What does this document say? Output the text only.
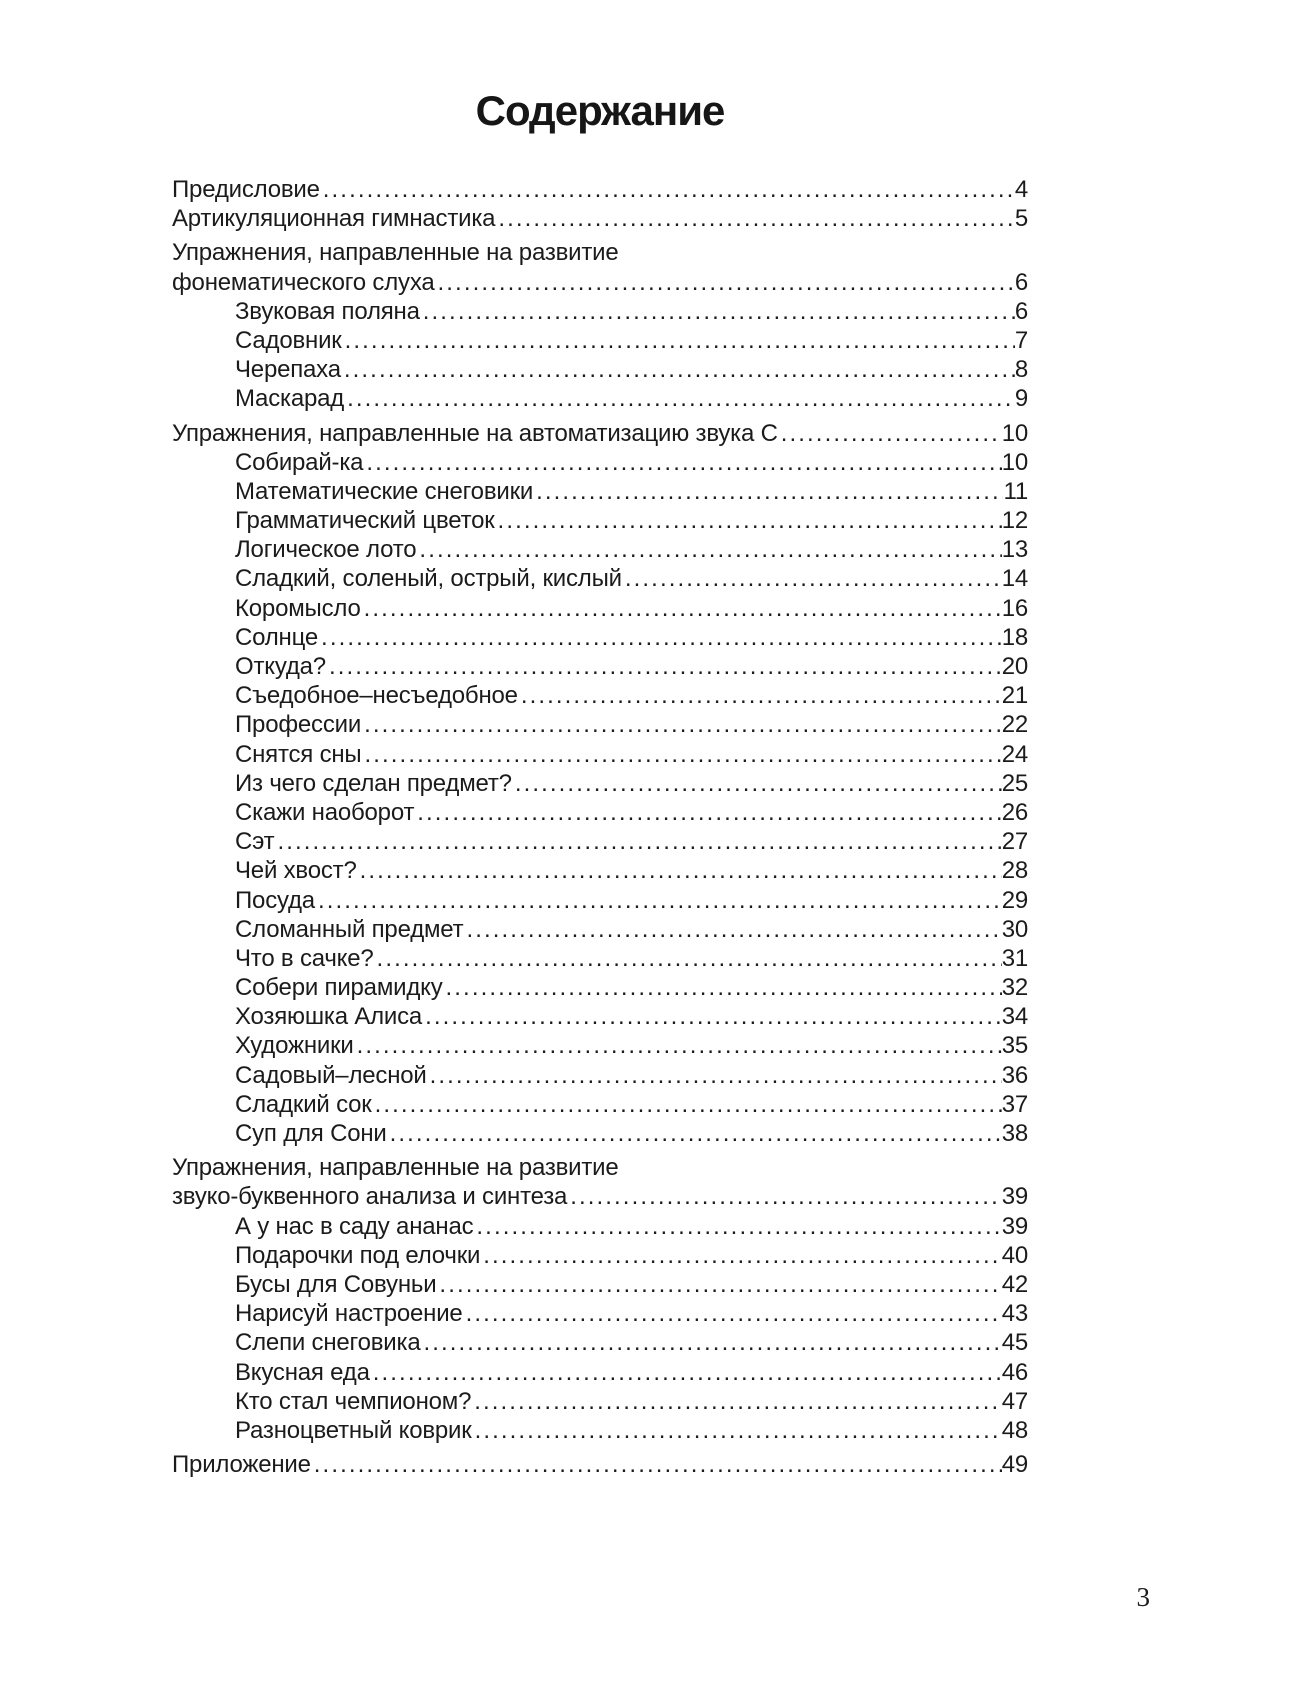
Содержание
Предисловие .....	4
Артикуляционная гимнастика .....	5
Упражнения, направленные на развитие
фонематического слуха .....	6
Звуковая поляна .....	6
Садовник .....	7
Черепаха .....	8
Маскарад .....	9
Упражнения, направленные на автоматизацию звука С .....	10
Собирай-ка .....	10
Математические снеговики .....	11
Грамматический цветок .....	12
Логическое лото .....	13
Сладкий, соленый, острый, кислый .....	14
Коромысло .....	16
Солнце .....	18
Откуда? .....	20
Съедобное–несъедобное .....	21
Профессии .....	22
Снятся сны .....	24
Из чего сделан предмет? .....	25
Скажи наоборот .....	26
Сэт .....	27
Чей хвост? .....	28
Посуда .....	29
Сломанный предмет .....	30
Что в сачке? .....	31
Собери пирамидку .....	32
Хозяюшка Алиса .....	34
Художники .....	35
Садовый–лесной .....	36
Сладкий сок .....	37
Суп для Сони .....	38
Упражнения, направленные на развитие
звуко-буквенного анализа и синтеза .....	39
А у нас в саду ананас .....	39
Подарочки под елочки .....	40
Бусы для Совуньи .....	42
Нарисуй настроение .....	43
Слепи снеговика .....	45
Вкусная еда .....	46
Кто стал чемпионом? .....	47
Разноцветный коврик .....	48
Приложение .....	49
3
